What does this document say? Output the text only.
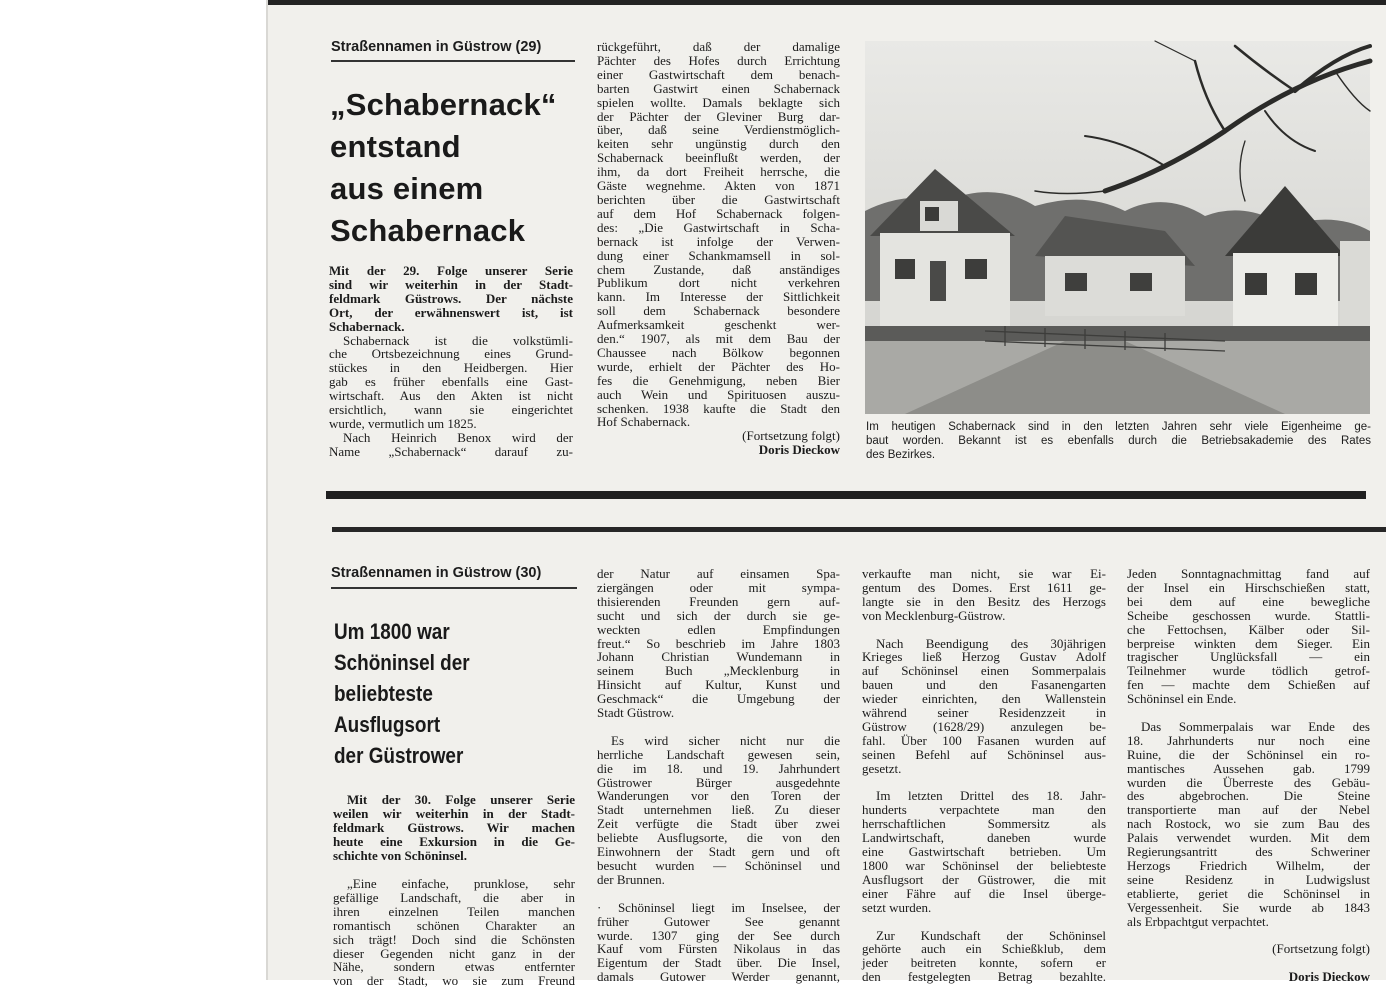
Straßennamen in Güstrow (29)
„Schabernack“
entstand
aus einem
Schabernack
Mit der 29. Folge unserer Serie
sind wir weiterhin in der Stadt-
feldmark Güstrows. Der nächste
Ort, der erwähnenswert ist, ist
Schabernack.
Schabernack ist die volkstümli-
che Ortsbezeichnung eines Grund-
stückes in den Heidbergen. Hier
gab es früher ebenfalls eine Gast-
wirtschaft. Aus den Akten ist nicht
ersichtlich, wann sie eingerichtet
wurde, vermutlich um 1825.
Nach Heinrich Benox wird der
Name „Schabernack“ darauf zu-
rückgeführt, daß der damalige
Pächter des Hofes durch Errichtung
einer Gastwirtschaft dem benach-
barten Gastwirt einen Schabernack
spielen wollte. Damals beklagte sich
der Pächter der Gleviner Burg dar-
über, daß seine Verdienstmöglich-
keiten sehr ungünstig durch den
Schabernack beeinflußt werden, der
ihm, da dort Freiheit herrsche, die
Gäste wegnehme. Akten von 1871
berichten über die Gastwirtschaft
auf dem Hof Schabernack folgen-
des: „Die Gastwirtschaft in Scha-
bernack ist infolge der Verwen-
dung einer Schankmamsell in sol-
chem Zustande, daß anständiges
Publikum dort nicht verkehren
kann. Im Interesse der Sittlichkeit
soll dem Schabernack besondere
Aufmerksamkeit geschenkt wer-
den.“ 1907, als mit dem Bau der
Chaussee nach Bölkow begonnen
wurde, erhielt der Pächter des Ho-
fes die Genehmigung, neben Bier
auch Wein und Spirituosen auszu-
schenken. 1938 kaufte die Stadt den
Hof Schabernack.
(Fortsetzung folgt)
Doris Dieckow
Im heutigen Schabernack sind in den letzten Jahren sehr viele Eigenheime ge-
baut worden. Bekannt ist es ebenfalls durch die Betriebsakademie des Rates
des Bezirkes.
Straßennamen in Güstrow (30)
Um 1800 war
Schöninsel der
beliebteste
Ausflugsort
der Güstrower
Mit der 30. Folge unserer Serie
weilen wir weiterhin in der Stadt-
feldmark Güstrows. Wir machen
heute eine Exkursion in die Ge-
schichte von Schöninsel.
„Eine einfache, prunklose, sehr
gefällige Landschaft, die aber in
ihren einzelnen Teilen manchen
romantisch schönen Charakter an
sich trägt! Doch sind die Schönsten
dieser Gegenden nicht ganz in der
Nähe, sondern etwas entfernter
von der Stadt, wo sie zum Freund
der Natur auf einsamen Spa-
ziergängen oder mit sympa-
thisierenden Freunden gern auf-
sucht und sich der durch sie ge-
weckten edlen Empfindungen
freut.“ So beschrieb im Jahre 1803
Johann Christian Wundemann in
seinem Buch „Mecklenburg in
Hinsicht auf Kultur, Kunst und
Geschmack“ die Umgebung der
Stadt Güstrow.
Es wird sicher nicht nur die
herrliche Landschaft gewesen sein,
die im 18. und 19. Jahrhundert
Güstrower Bürger ausgedehnte
Wanderungen vor den Toren der
Stadt unternehmen ließ. Zu dieser
Zeit verfügte die Stadt über zwei
beliebte Ausflugsorte, die von den
Einwohnern der Stadt gern und oft
besucht wurden — Schöninsel und
der Brunnen.
· Schöninsel liegt im Inselsee, der
früher Gutower See genannt
wurde. 1307 ging der See durch
Kauf vom Fürsten Nikolaus in das
Eigentum der Stadt über. Die Insel,
damals Gutower Werder genannt,
verkaufte man nicht, sie war Ei-
gentum des Domes. Erst 1611 ge-
langte sie in den Besitz des Herzogs
von Mecklenburg-Güstrow.
Nach Beendigung des 30jährigen
Krieges ließ Herzog Gustav Adolf
auf Schöninsel einen Sommerpalais
bauen und den Fasanengarten
wieder einrichten, den Wallenstein
während seiner Residenzzeit in
Güstrow (1628/29) anzulegen be-
fahl. Über 100 Fasanen wurden auf
seinen Befehl auf Schöninsel aus-
gesetzt.
Im letzten Drittel des 18. Jahr-
hunderts verpachtete man den
herrschaftlichen Sommersitz als
Landwirtschaft, daneben wurde
eine Gastwirtschaft betrieben. Um
1800 war Schöninsel der beliebteste
Ausflugsort der Güstrower, die mit
einer Fähre auf die Insel überge-
setzt wurden.
Zur Kundschaft der Schöninsel
gehörte auch ein Schießklub, dem
jeder beitreten konnte, sofern er
den festgelegten Betrag bezahlte.
Jeden Sonntagnachmittag fand auf
der Insel ein Hirschschießen statt,
bei dem auf eine bewegliche
Scheibe geschossen wurde. Stattli-
che Fettochsen, Kälber oder Sil-
berpreise winkten dem Sieger. Ein
tragischer Unglücksfall — ein
Teilnehmer wurde tödlich getrof-
fen — machte dem Schießen auf
Schöninsel ein Ende.
Das Sommerpalais war Ende des
18. Jahrhunderts nur noch eine
Ruine, die der Schöninsel ein ro-
mantisches Aussehen gab. 1799
wurden die Überreste des Gebäu-
des abgebrochen. Die Steine
transportierte man auf der Nebel
nach Rostock, wo sie zum Bau des
Palais verwendet wurden. Mit dem
Regierungsantritt des Schweriner
Herzogs Friedrich Wilhelm, der
seine Residenz in Ludwigslust
etablierte, geriet die Schöninsel in
Vergessenheit. Sie wurde ab 1843
als Erbpachtgut verpachtet.
(Fortsetzung folgt)
Doris Dieckow
